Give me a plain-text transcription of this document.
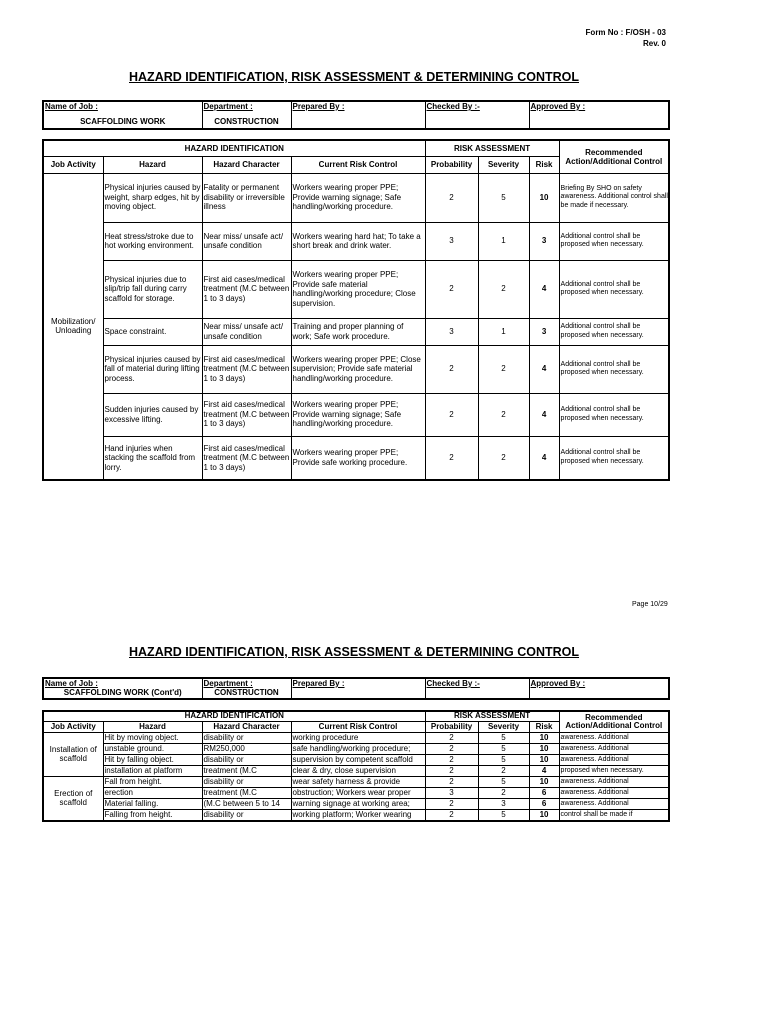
Form No : F/OSH - 03
Rev. 0
HAZARD IDENTIFICATION, RISK ASSESSMENT & DETERMINING CONTROL
Name of Job :	Department :	Prepared By :	Checked By :-	Approved By :
SCAFFOLDING WORK	CONSTRUCTION			
HAZARD IDENTIFICATION				RISK ASSESSMENT			Recommended Action/Additional Control
Job Activity	Hazard	Hazard Character	Current Risk Control	Probability	Severity	Risk	
Mobilization/ Unloading	Physical injuries caused by weight, sharp edges, hit by moving object.	Fatality or permanent disability or irreversible illness	Workers wearing proper PPE; Provide warning signage; Safe handling/working procedure.	2	5	10	Briefing By SHO on safety awareness. Additional control shall be made if necessary.
	Heat stress/stroke due to hot working environment.	Near miss/ unsafe act/ unsafe condition	Workers wearing hard hat; To take a short break and drink water.	3	1	3	Additional control shall be proposed when necessary.
	Physical injuries due to slip/trip fall during carry scaffold for storage.	First aid cases/medical treatment (M.C between 1 to 3 days)	Workers wearing proper PPE; Provide safe material handling/working procedure; Close supervision.	2	2	4	Additional control shall be proposed when necessary.
	Space constraint.	Near miss/ unsafe act/ unsafe condition	Training and proper planning of work; Safe work procedure.	3	1	3	Additional control shall be proposed when necessary.
	Physical injuries caused by fall of material during lifting process.	First aid cases/medical treatment (M.C between 1 to 3 days)	Workers wearing proper PPE; Close supervision; Provide safe material handling/working procedure.	2	2	4	Additional control shall be proposed when necessary.
	Sudden injuries caused by excessive lifting.	First aid cases/medical treatment (M.C between 1 to 3 days)	Workers wearing proper PPE; Provide warning signage; Safe handling/working procedure.	2	2	4	Additional control shall be proposed when necessary.
	Hand injuries when stacking the scaffold from lorry.	First aid cases/medical treatment (M.C between 1 to 3 days)	Workers wearing proper PPE; Provide safe working procedure.	2	2	4	Additional control shall be proposed when necessary.
Page 10/29
HAZARD IDENTIFICATION, RISK ASSESSMENT & DETERMINING CONTROL
Name of Job :	Department :	Prepared By :	Checked By :-	Approved By :
SCAFFOLDING WORK (Cont'd)	CONSTRUCTION			
HAZARD IDENTIFICATION				RISK ASSESSMENT			Recommended Action/Additional Control
Job Activity	Hazard	Hazard Character	Current Risk Control	Probability	Severity	Risk	
Installation of scaffold	Hit by moving object.	disability or	working procedure	2	5	10	awareness. Additional
	unstable ground.	RM250,000	safe handling/working procedure;	2	5	10	awareness. Additional
	Hit by falling object.	disability or	supervision by competent scaffold	2	5	10	awareness. Additional
	installation at platform	treatment (M.C	clear & dry, close supervision	2	2	4	proposed when necessary.
Erection of scaffold	Fall from height.	disability or	wear safety harness & provide	2	5	10	awareness. Additional
	erection	treatment (M.C	obstruction; Workers wear proper	3	2	6	awareness. Additional
	Material falling.	(M.C between 5 to 14	warning signage at working area;	2	3	6	awareness. Additional
	Falling from height.	disability or	working platform; Worker wearing	2	5	10	control shall be made if
